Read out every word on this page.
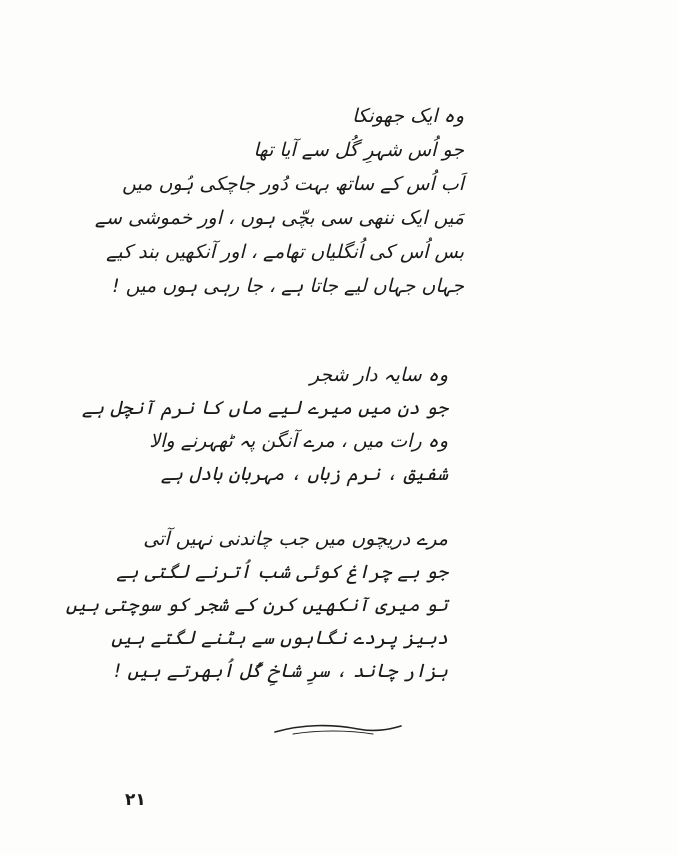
وہ ایک جھونکا
جو اُس شہرِ گُل سے آیا تھا
اَب اُس کے ساتھ بہت دُور جاچکی ہُوں میں
مَیں ایک ننھی سی بچّی ہوں ، اور خموشی سے
بس اُس کی اُنگلیاں تھامے ، اور آنکھیں بند کیے
جہاں جہاں لیے جاتا ہے ، جا رہی ہوں میں !
وہ سایہ دار شجر
جو دن میں میرے لیے ماں کا نرم آنچل ہے
وہ رات میں ، مرے آنگن پہ ٹھہرنے والا
شفیق ، نرم زباں ، مہربان بادل ہے
مرے دریچوں میں جب چاندنی نہیں آتی
جو بے چراغ کوئی شب اُترنے لگتی ہے
تو میری آنکھیں کرن کے شجر کو سوچتی ہیں
دبیز پردے نگاہوں سے ہٹنے لگتے ہیں
ہزار چاند ، سرِ شاخِ گُل اُبھرتے ہیں !
۲۱
